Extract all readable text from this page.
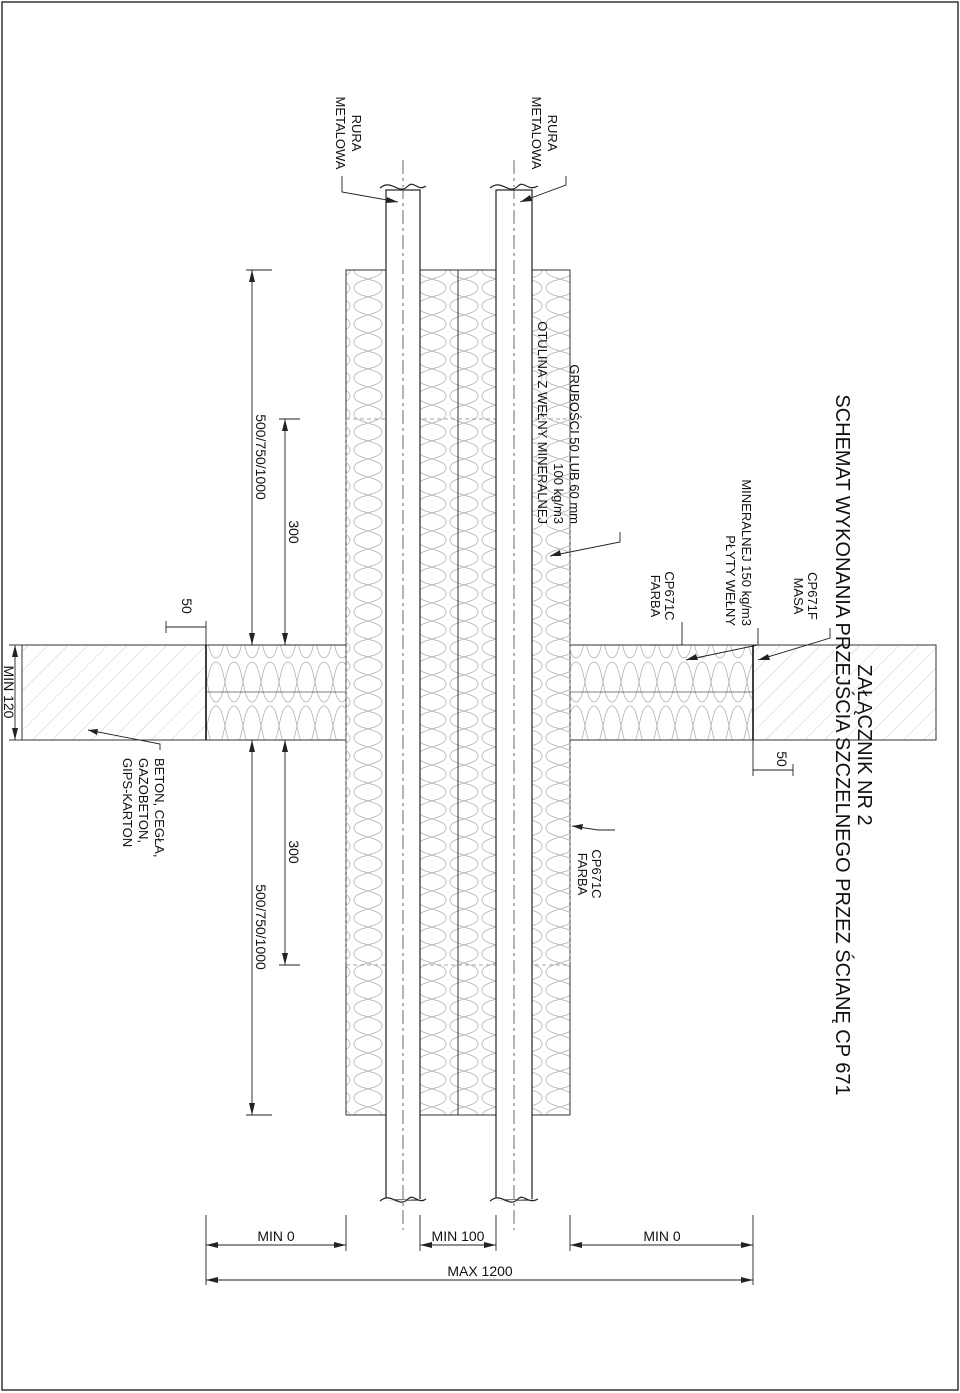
ZAŁĄCZNIK NR 2
SCHEMAT WYKONANIA PRZEJŚCIA SZCZELNEGO PRZEZ ŚCIANĘ CP 671
RURA
METALOWA	RURA
METALOWA
OTULINA Z WEŁNY MINERALNEJ 100 kg/m3 GRUBOŚCI 50 LUB 60 mm
FARBA CP671C	PŁYTY WEŁNY MINERALNEJ 150 kg/m3	MASA CP671F
FARBA CP671C
BETON, CEGŁA,
GAZOBETON,
GIPS-KARTON
500/750/1000
500/750/1000
300
300
50
50
MIN 120
MIN 0	MIN 100	MIN 0
MAX 1200
